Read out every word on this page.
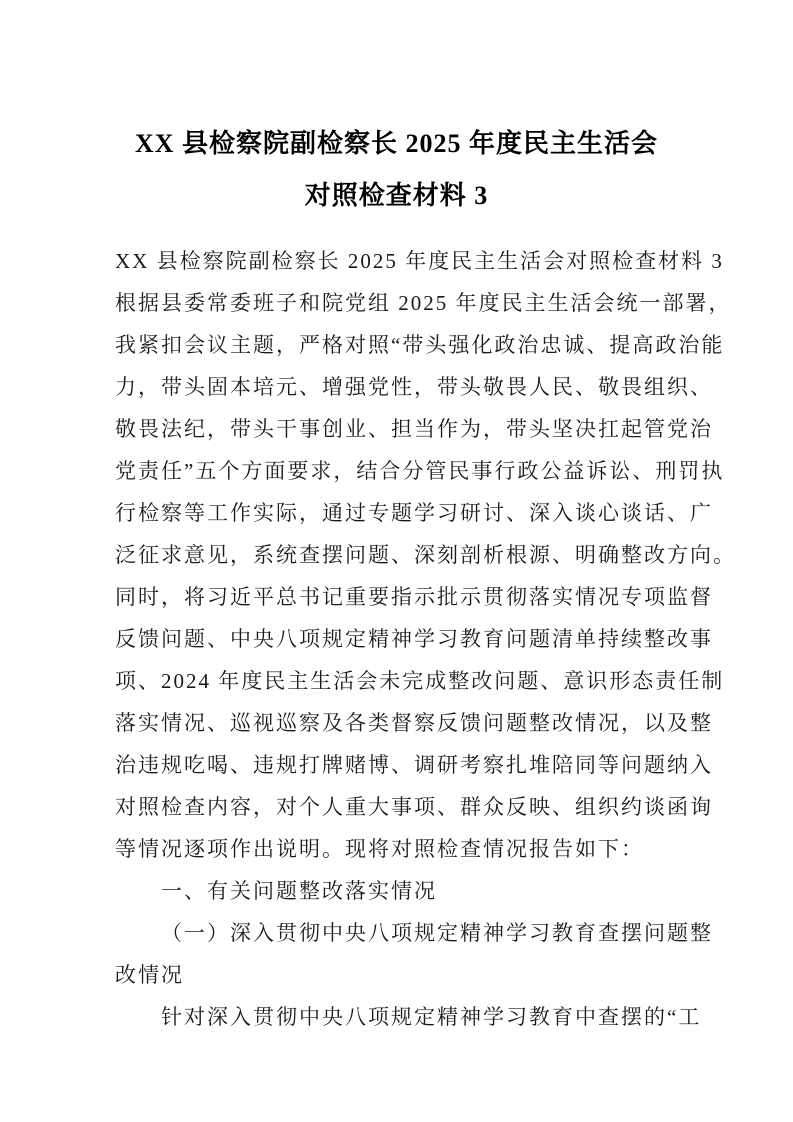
XX 县检察院副检察长 2025 年度民主生活会
对照检查材料 3
XX 县检察院副检察长 2025 年度民主生活会对照检查材料 3
根据县委常委班子和院党组 2025 年度民主生活会统一部署，
我紧扣会议主题，严格对照“带头强化政治忠诚、提高政治能
力，带头固本培元、增强党性，带头敬畏人民、敬畏组织、
敬畏法纪，带头干事创业、担当作为，带头坚决扛起管党治
党责任”五个方面要求，结合分管民事行政公益诉讼、刑罚执
行检察等工作实际，通过专题学习研讨、深入谈心谈话、广
泛征求意见，系统查摆问题、深刻剖析根源、明确整改方向。
同时，将习近平总书记重要指示批示贯彻落实情况专项监督
反馈问题、中央八项规定精神学习教育问题清单持续整改事
项、2024 年度民主生活会未完成整改问题、意识形态责任制
落实情况、巡视巡察及各类督察反馈问题整改情况，以及整
治违规吃喝、违规打牌赌博、调研考察扎堆陪同等问题纳入
对照检查内容，对个人重大事项、群众反映、组织约谈函询
等情况逐项作出说明。现将对照检查情况报告如下：
一、有关问题整改落实情况
（一）深入贯彻中央八项规定精神学习教育查摆问题整
改情况
针对深入贯彻中央八项规定精神学习教育中查摆的“工
